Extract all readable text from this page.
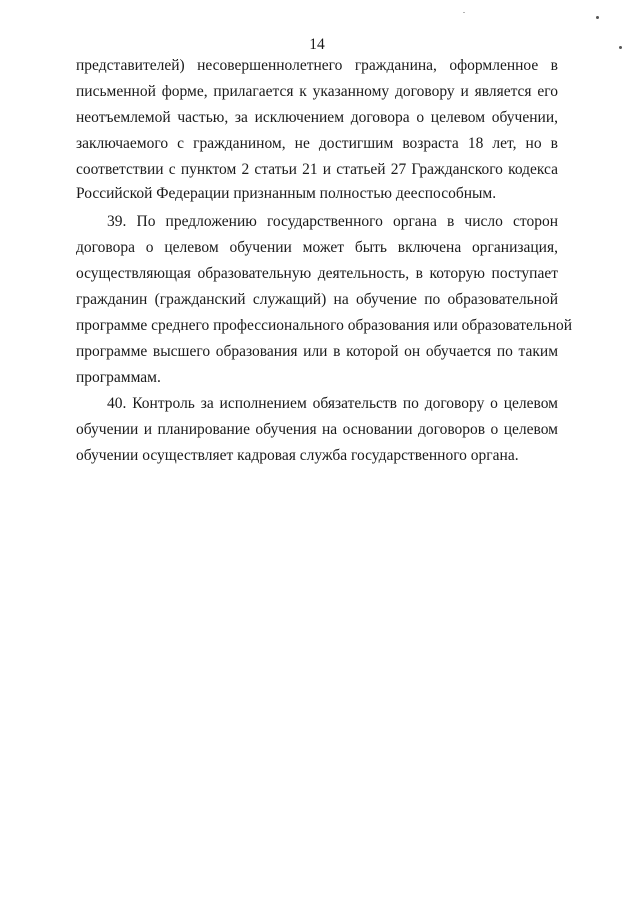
14
представителей) несовершеннолетнего гражданина, оформленное в
письменной форме, прилагается к указанному договору и является его
неотъемлемой частью, за исключением договора о целевом обучении,
заключаемого с гражданином, не достигшим возраста 18 лет, но в
соответствии с пунктом 2 статьи 21 и статьей 27 Гражданского кодекса
Российской Федерации признанным полностью дееспособным.
39. По предложению государственного органа в число сторон
договора о целевом обучении может быть включена организация,
осуществляющая образовательную деятельность, в которую поступает
гражданин (гражданский служащий) на обучение по образовательной
программе среднего профессионального образования или образовательной
программе высшего образования или в которой он обучается по таким
программам.
40. Контроль за исполнением обязательств по договору о целевом
обучении и планирование обучения на основании договоров о целевом
обучении осуществляет кадровая служба государственного органа.
